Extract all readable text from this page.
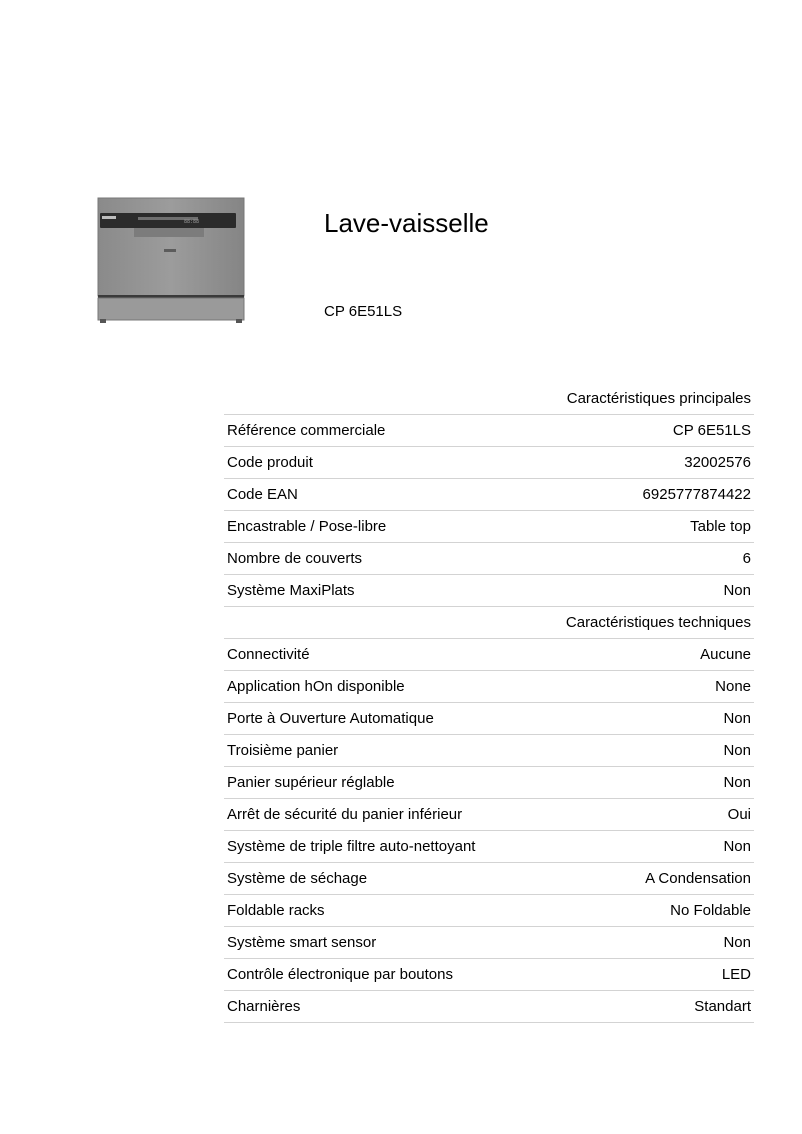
88:88	Lave-vaisselle
CP 6E51LS
Caractéristiques principales	
Référence commerciale	CP 6E51LS
Code produit	32002576
Code EAN	6925777874422
Encastrable / Pose-libre	Table top
Nombre de couverts	6
Système MaxiPlats	Non
Caractéristiques techniques	
Connectivité	Aucune
Application hOn disponible	None
Porte à Ouverture Automatique	Non
Troisième panier	Non
Panier supérieur réglable	Non
Arrêt de sécurité du panier inférieur	Oui
Système de triple filtre auto-nettoyant	Non
Système de séchage	A Condensation
Foldable racks	No Foldable
Système smart sensor	Non
Contrôle électronique par boutons	LED
Charnières	Standart
